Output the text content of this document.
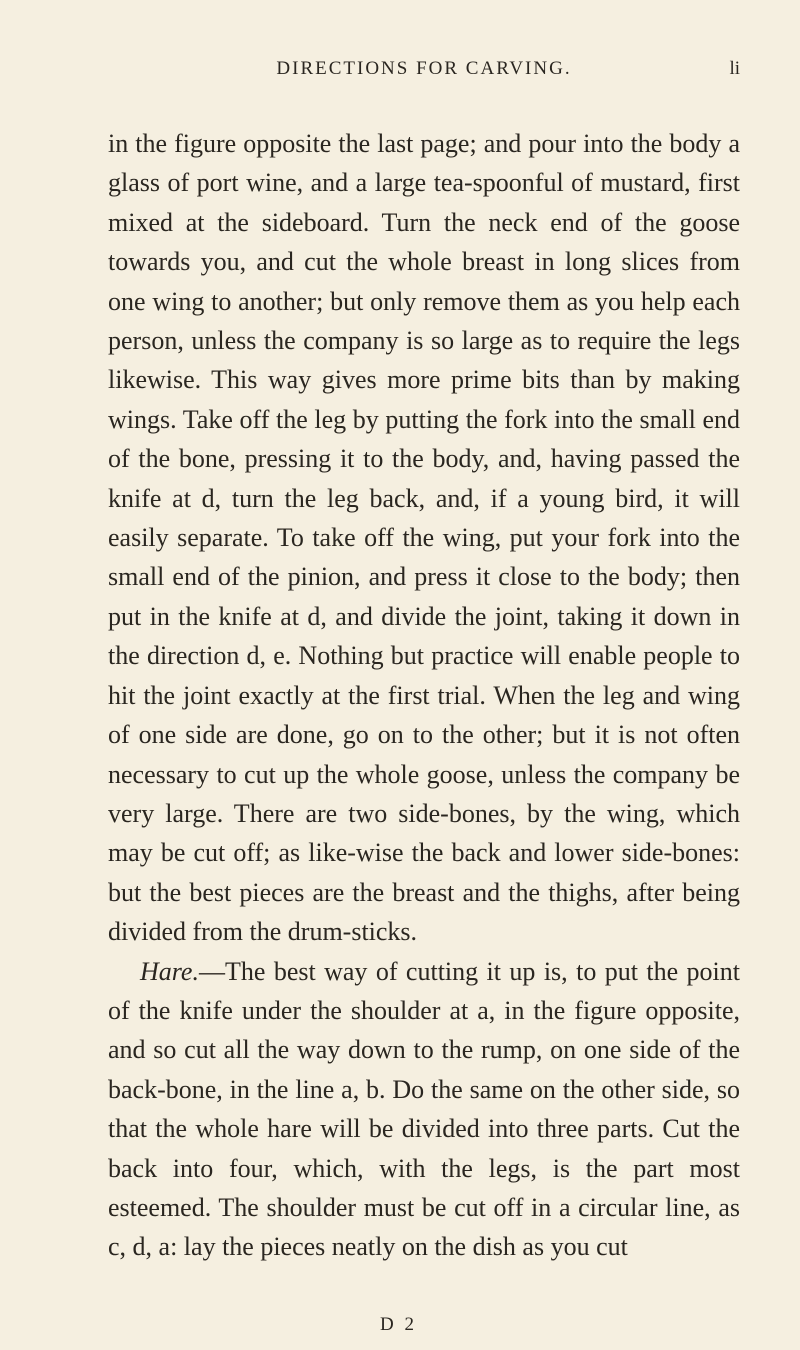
DIRECTIONS FOR CARVING.	li

in the figure opposite the last page; and pour into the body a glass of port wine, and a large tea-spoonful of mustard, first mixed at the sideboard. Turn the neck end of the goose towards you, and cut the whole breast in long slices from one wing to another; but only remove them as you help each person, unless the company is so large as to require the legs likewise. This way gives more prime bits than by making wings. Take off the leg by putting the fork into the small end of the bone, pressing it to the body, and, having passed the knife at d, turn the leg back, and, if a young bird, it will easily separate. To take off the wing, put your fork into the small end of the pinion, and press it close to the body; then put in the knife at d, and divide the joint, taking it down in the direction d, e. Nothing but practice will enable people to hit the joint exactly at the first trial. When the leg and wing of one side are done, go on to the other; but it is not often necessary to cut up the whole goose, unless the company be very large. There are two side-bones, by the wing, which may be cut off; as like-wise the back and lower side-bones: but the best pieces are the breast and the thighs, after being divided from the drum-sticks.

Hare.—The best way of cutting it up is, to put the point of the knife under the shoulder at a, in the figure opposite, and so cut all the way down to the rump, on one side of the back-bone, in the line a, b. Do the same on the other side, so that the whole hare will be divided into three parts. Cut the back into four, which, with the legs, is the part most esteemed. The shoulder must be cut off in a circular line, as c, d, a: lay the pieces neatly on the dish as you cut

D 2
